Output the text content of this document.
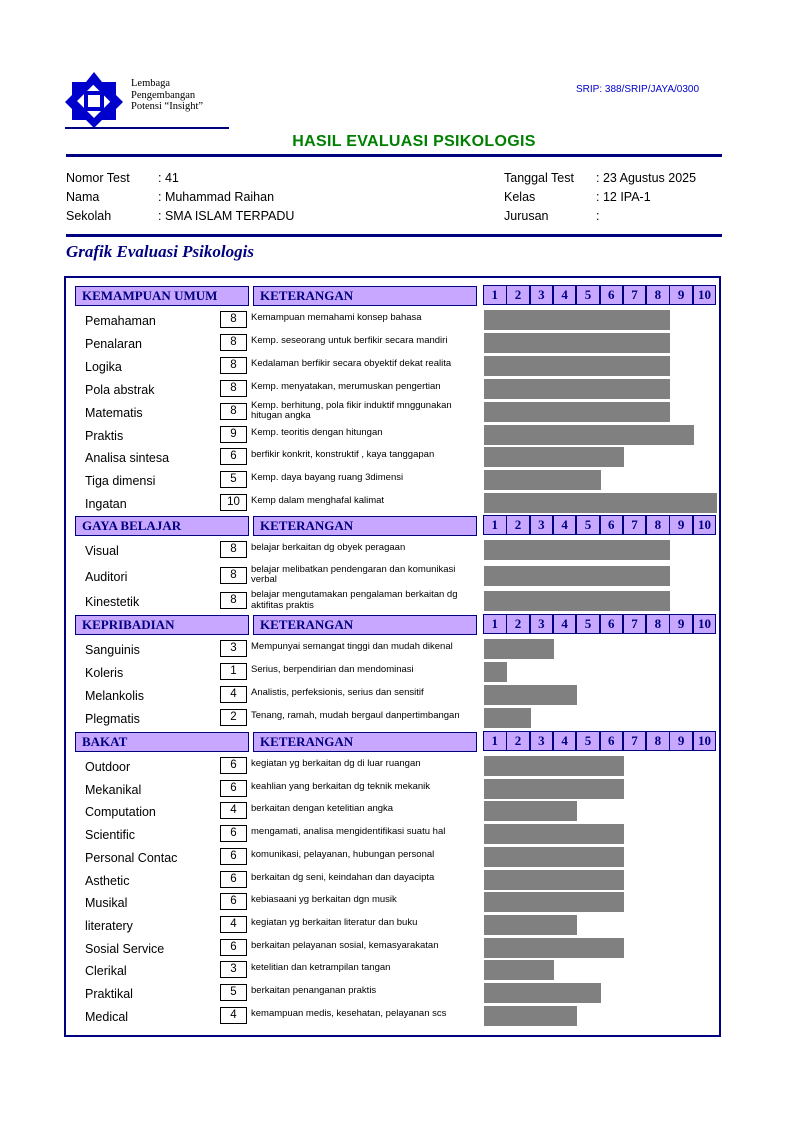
Lembaga
Pengembangan
Potensi “Insight”
SRIP: 388/SRIP/JAYA/0300
HASIL EVALUASI PSIKOLOGIS
Nomor Test : 41
Nama	: Muhammad Raihan
Sekolah	: SMA ISLAM TERPADU
Tanggal Test : 23 Agustus 2025
Kelas	: 12 IPA-1
Jurusan	:
Grafik Evaluasi Psikologis
KEMAMPUAN UMUM	KETERANGAN	1	2	3	4	5	6	7	8	9	10
Pemahaman	8	Kemampuan memahami konsep bahasa
Penalaran	8	Kemp. seseorang untuk berfikir secara mandiri
Logika	8	Kedalaman berfikir secara obyektif dekat realita
Pola abstrak	8	Kemp. menyatakan, merumuskan pengertian
Matematis	8	Kemp. berhitung, pola fikir induktif mnggunakan hitugan angka
Praktis	9	Kemp. teoritis dengan hitungan
Analisa sintesa	6	berfikir konkrit, konstruktif , kaya tanggapan
Tiga dimensi	5	Kemp. daya bayang ruang 3dimensi
Ingatan	10	Kemp dalam menghafal kalimat
GAYA BELAJAR	KETERANGAN	1	2	3	4	5	6	7	8	9	10
Visual	8	belajar berkaitan dg obyek peragaan
Auditori	8	belajar melibatkan pendengaran dan komunikasi verbal
Kinestetik	8	belajar mengutamakan pengalaman berkaitan dg aktifitas praktis
KEPRIBADIAN	KETERANGAN	1	2	3	4	5	6	7	8	9	10
Sanguinis	3	Mempunyai semangat tinggi dan mudah dikenal
Koleris	1	Serius, berpendirian dan mendominasi
Melankolis	4	Analistis, perfeksionis, serius dan sensitif
Plegmatis	2	Tenang, ramah, mudah bergaul danpertimbangan
BAKAT	KETERANGAN	1	2	3	4	5	6	7	8	9	10
Outdoor	6	kegiatan yg berkaitan dg di luar ruangan
Mekanikal	6	keahlian yang berkaitan dg teknik mekanik
Computation	4	berkaitan dengan ketelitian angka
Scientific	6	mengamati, analisa mengidentifikasi suatu hal
Personal Contac	6	komunikasi, pelayanan, hubungan personal
Asthetic	6	berkaitan dg seni, keindahan dan dayacipta
Musikal	6	kebiasaani yg berkaitan dgn musik
literatery	4	kegiatan yg berkaitan literatur dan buku
Sosial Service	6	berkaitan pelayanan sosial, kemasyarakatan
Clerikal	3	ketelitian dan ketrampilan tangan
Praktikal	5	berkaitan penanganan praktis
Medical	4	kemampuan medis, kesehatan, pelayanan scs
